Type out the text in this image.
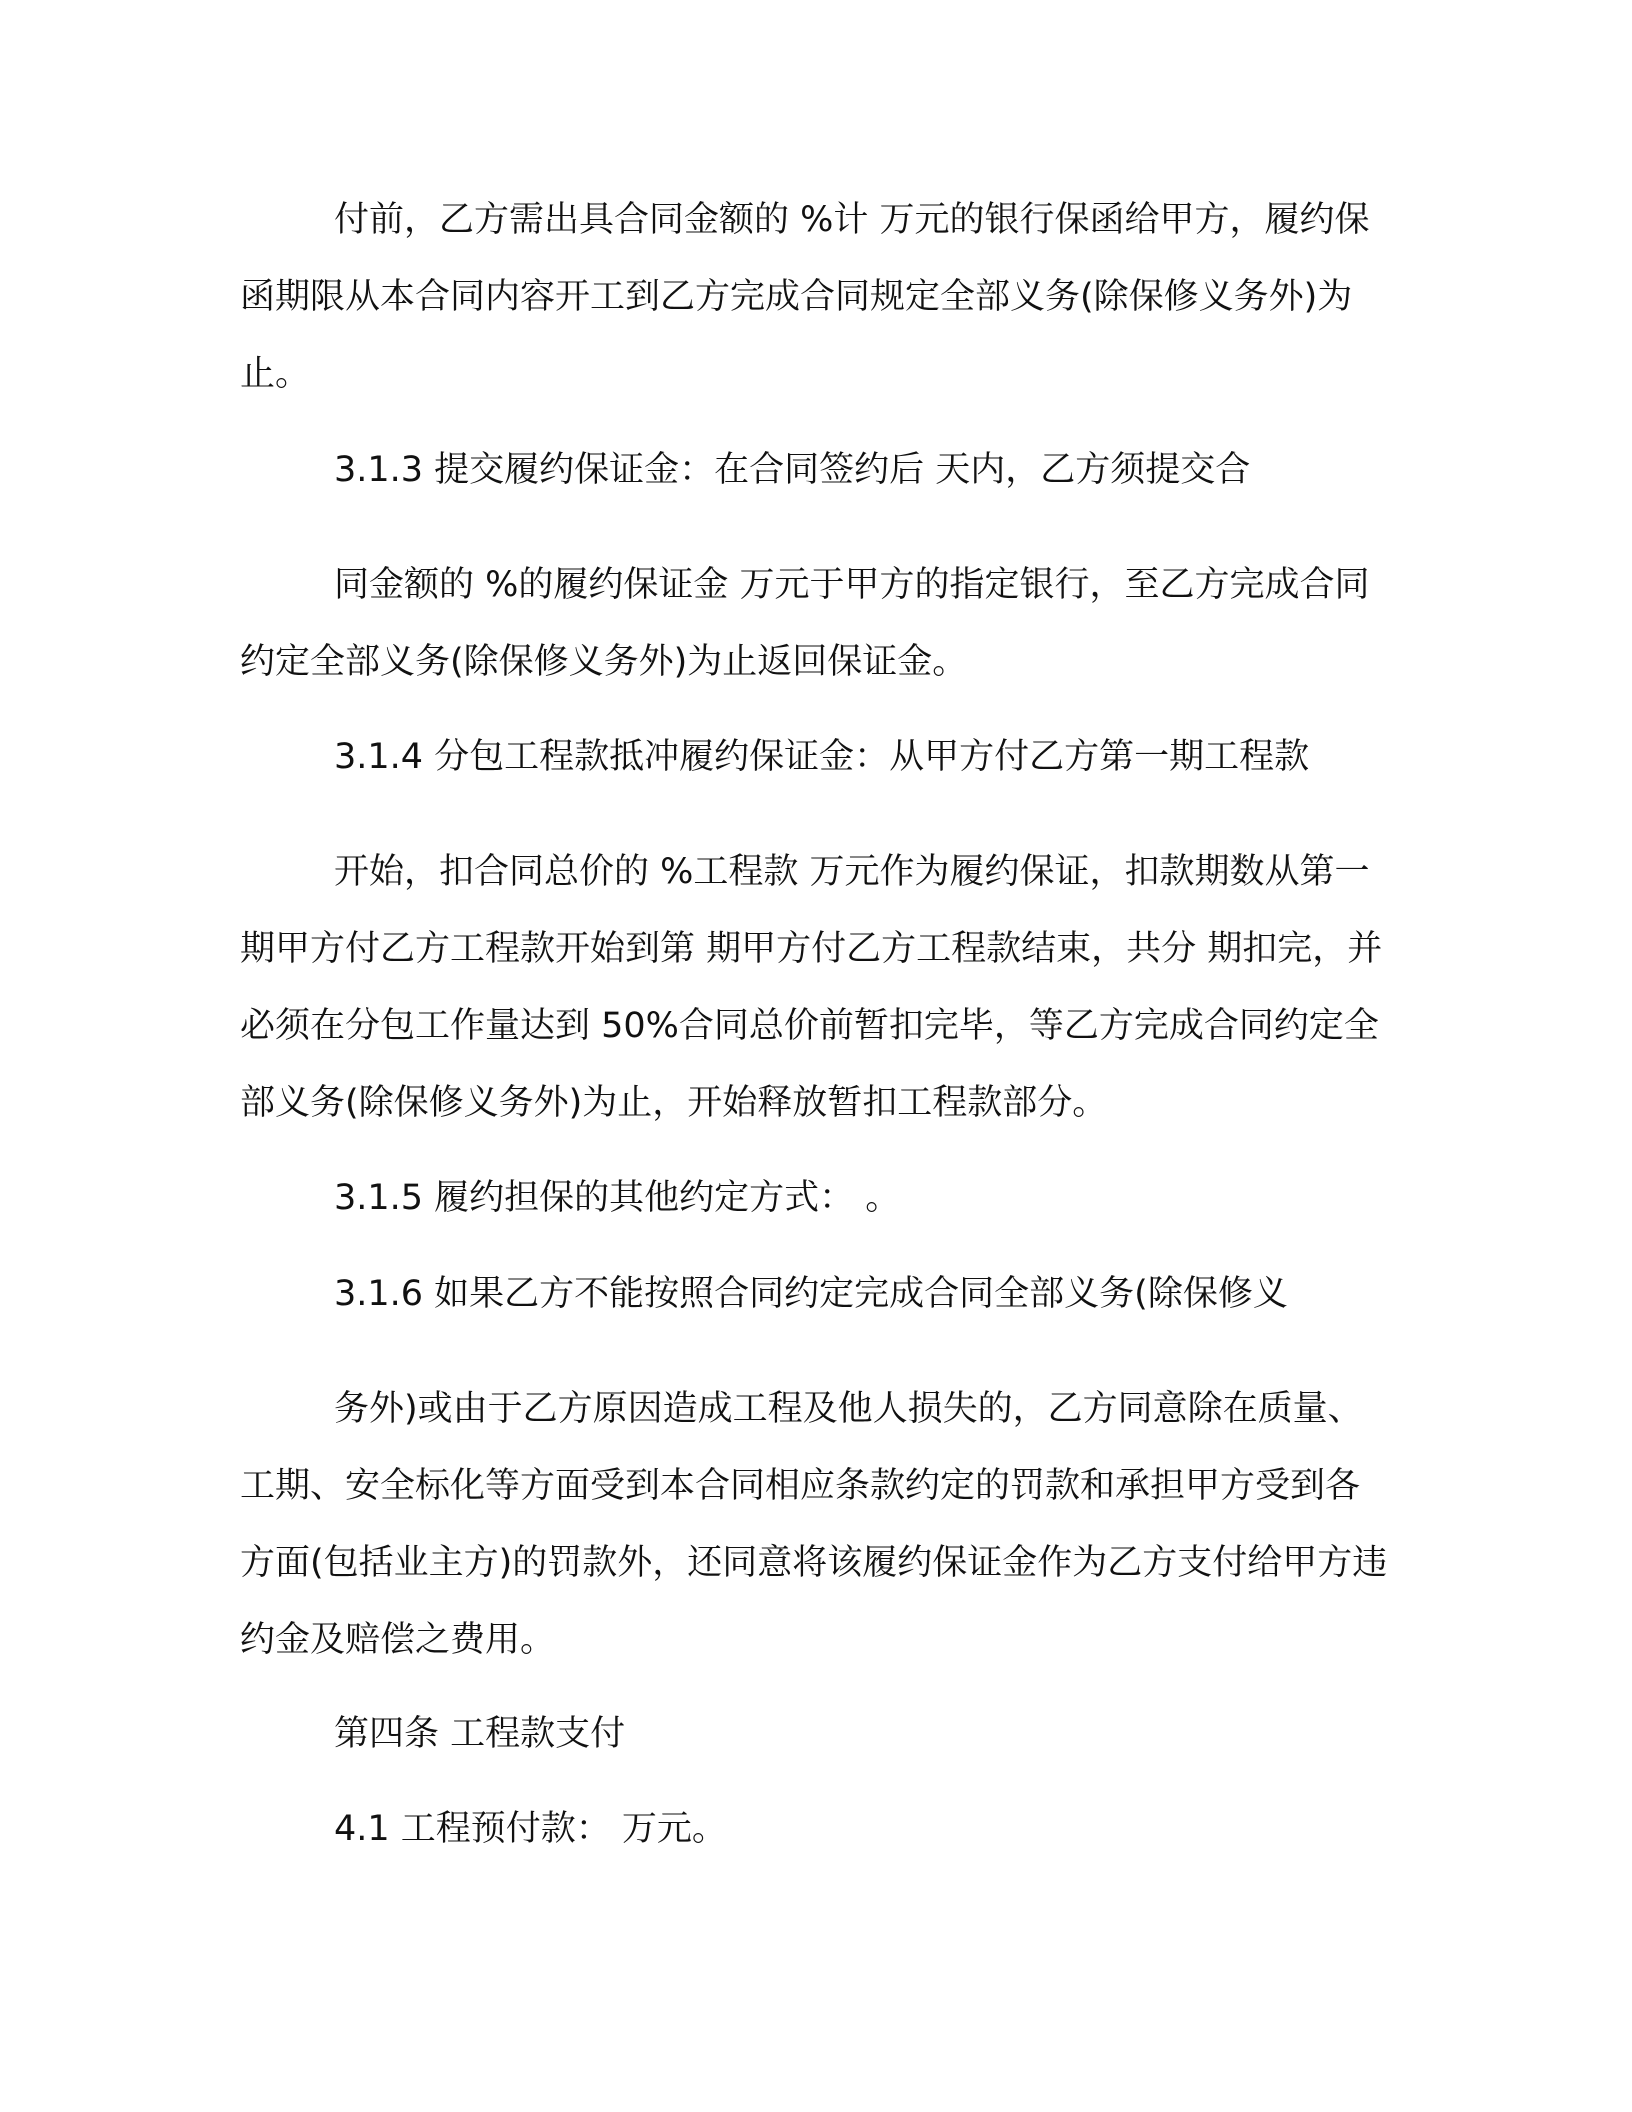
付前，乙方需出具合同金额的 %计 万元的银行保函给甲方，履约保函期限从本合同内容开工到乙方完成合同规定全部义务(除保修义务外)为止。

3.1.3 提交履约保证金：在合同签约后 天内，乙方须提交合

同金额的 %的履约保证金 万元于甲方的指定银行，至乙方完成合同约定全部义务(除保修义务外)为止返回保证金。

3.1.4 分包工程款抵冲履约保证金：从甲方付乙方第一期工程款

开始，扣合同总价的 %工程款 万元作为履约保证，扣款期数从第一期甲方付乙方工程款开始到第 期甲方付乙方工程款结束，共分 期扣完，并必须在分包工作量达到 50%合同总价前暂扣完毕，等乙方完成合同约定全部义务(除保修义务外)为止，开始释放暂扣工程款部分。

3.1.5 履约担保的其他约定方式： 。

3.1.6 如果乙方不能按照合同约定完成合同全部义务(除保修义

务外)或由于乙方原因造成工程及他人损失的，乙方同意除在质量、工期、安全标化等方面受到本合同相应条款约定的罚款和承担甲方受到各方面(包括业主方)的罚款外，还同意将该履约保证金作为乙方支付给甲方违约金及赔偿之费用。

第四条 工程款支付

4.1 工程预付款： 万元。
